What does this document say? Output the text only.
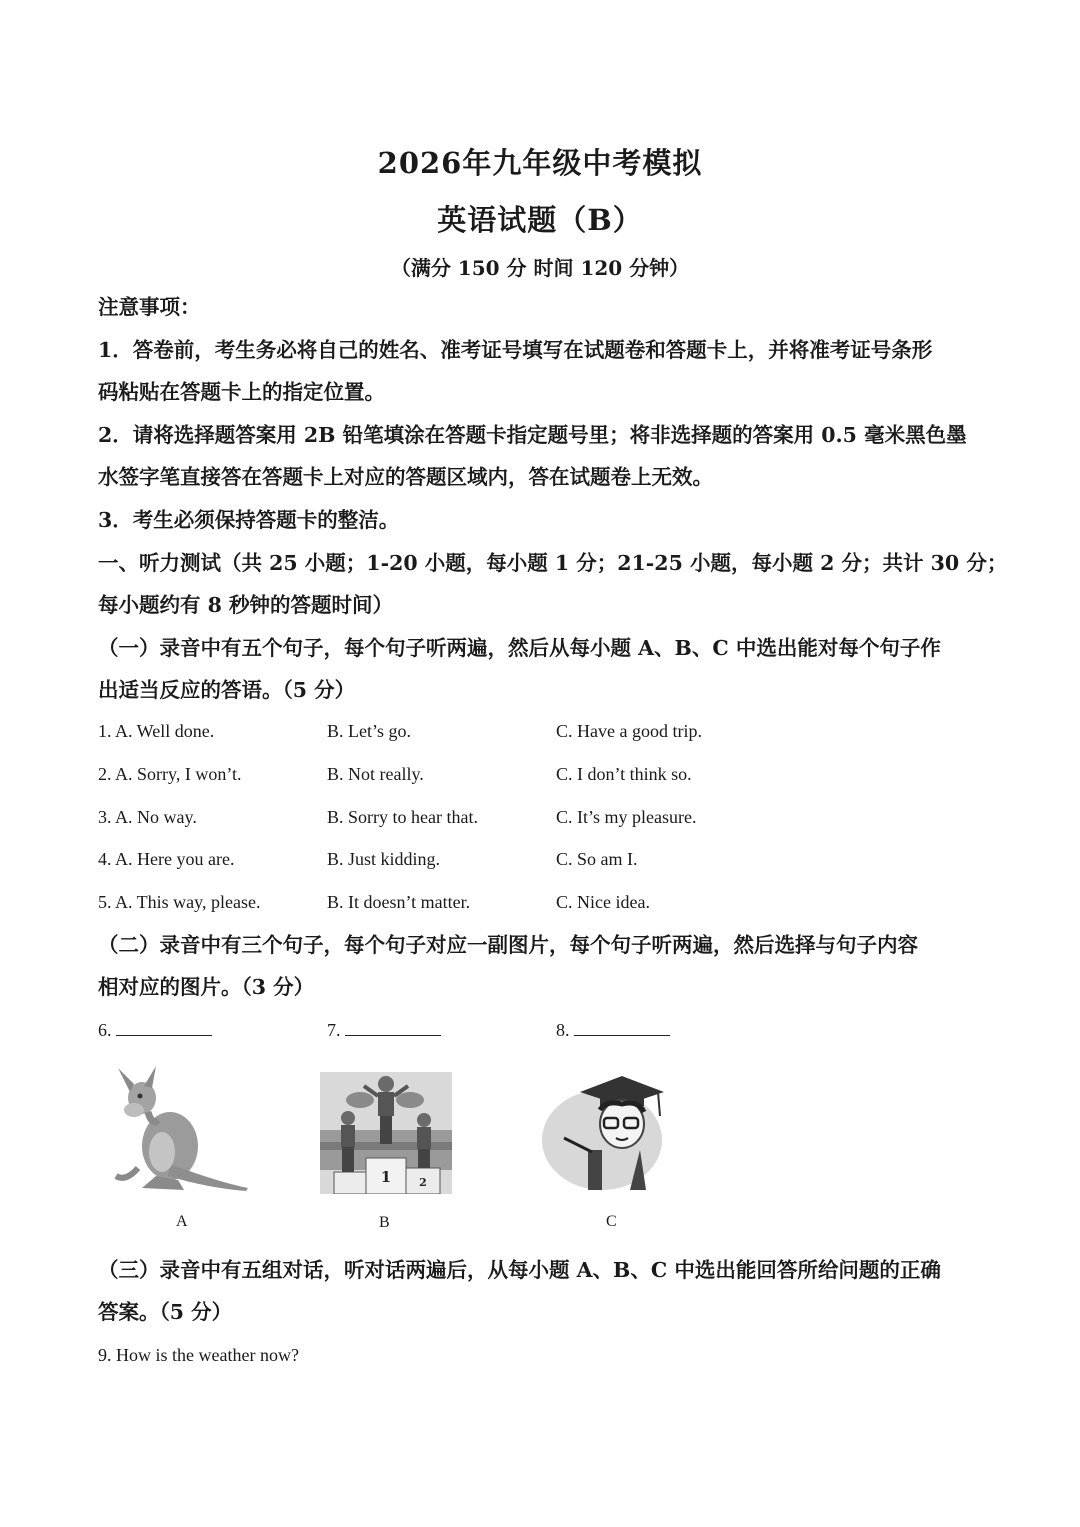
2026年九年级中考模拟
英语试题（B）
（满分 150 分 时间 120 分钟）
注意事项：
1．答卷前，考生务必将自己的姓名、准考证号填写在试题卷和答题卡上，并将准考证号条形
码粘贴在答题卡上的指定位置。
2．请将选择题答案用 2B 铅笔填涂在答题卡指定题号里；将非选择题的答案用 0.5 毫米黑色墨
水签字笔直接答在答题卡上对应的答题区域内，答在试题卷上无效。
3．考生必须保持答题卡的整洁。
一、听力测试（共 25 小题；1-20 小题，每小题 1 分；21-25 小题，每小题 2 分；共计 30 分；
每小题约有 8 秒钟的答题时间）
（一）录音中有五个句子，每个句子听两遍，然后从每小题 A、B、C 中选出能对每个句子作
出适当反应的答语。（5 分）
1. A. Well done.	B. Let’s go.	C. Have a good trip.
2. A. Sorry, I won’t.	B. Not really.	C. I don’t think so.
3. A. No way.	B. Sorry to hear that.	C. It’s my pleasure.
4. A. Here you are.	B. Just kidding.	C. So am I.
5. A. This way, please.	B. It doesn’t matter.	C. Nice idea.
（二）录音中有三个句子，每个句子对应一副图片，每个句子听两遍，然后选择与句子内容
相对应的图片。（3 分）
6.	7.	8.
1	2
A	B	C
（三）录音中有五组对话，听对话两遍后，从每小题 A、B、C 中选出能回答所给问题的正确
答案。（5 分）
9. How is the weather now?
